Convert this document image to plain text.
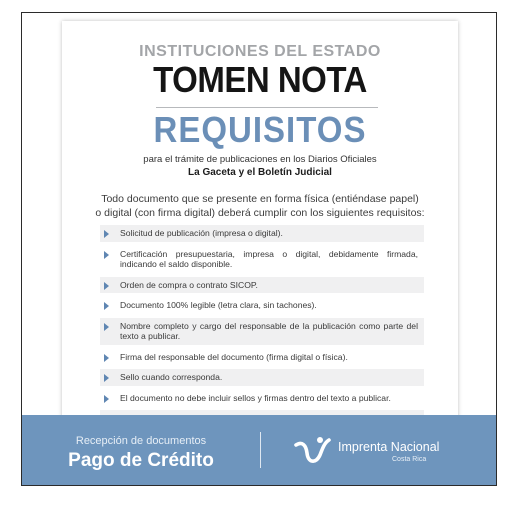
INSTITUCIONES DEL ESTADO
TOMEN NOTA
REQUISITOS
para el trámite de publicaciones en los Diarios Oficiales
La Gaceta y el Boletín Judicial
Todo documento que se presente en forma física (entiéndase papel)
o digital (con firma digital) deberá cumplir con los siguientes requisitos:
Solicitud de publicación (impresa o digital).
Certificación presupuestaria, impresa o digital, debidamente firmada, indicando el saldo disponible.
Orden de compra o contrato SICOP.
Documento 100% legible (letra clara, sin tachones).
Nombre completo y cargo del responsable de la publicación como parte del texto a publicar.
Firma del responsable del documento (firma digital o física).
Sello cuando corresponda.
El documento no debe incluir sellos y firmas dentro del texto a publicar.
Recepción de documentos
Pago de Crédito
Imprenta Nacional
Costa Rica
